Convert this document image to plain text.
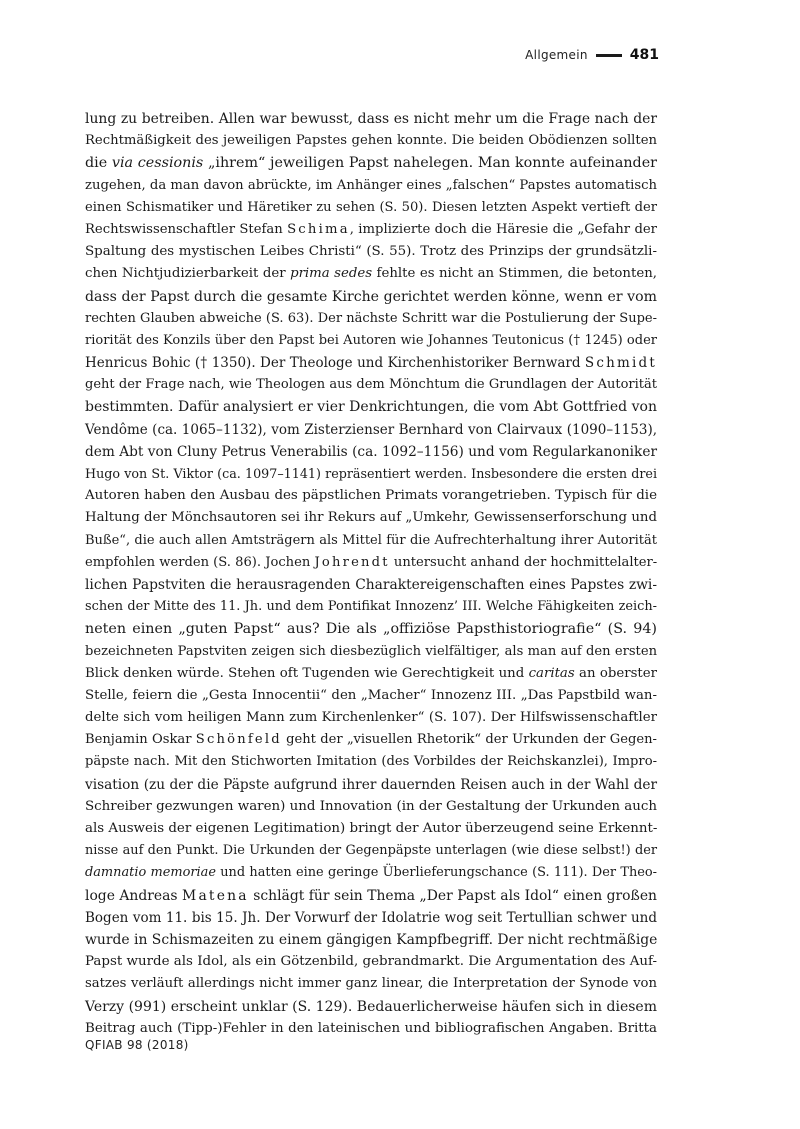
Allgemein	481
lung zu betreiben. Allen war bewusst, dass es nicht mehr um die Frage nach der
Rechtmäßigkeit des jeweiligen Papstes gehen konnte. Die beiden Obödienzen sollten
die via cessionis „ihrem“ jeweiligen Papst nahelegen. Man konnte aufeinander
zugehen, da man davon abrückte, im Anhänger eines „falschen“ Papstes automatisch
einen Schismatiker und Häretiker zu sehen (S. 50). Diesen letzten Aspekt vertieft der
Rechtswissenschaftler Stefan Schima, implizierte doch die Häresie die „Gefahr der
Spaltung des mystischen Leibes Christi“ (S. 55). Trotz des Prinzips der grundsätzli-
chen Nichtjudizierbarkeit der prima sedes fehlte es nicht an Stimmen, die betonten,
dass der Papst durch die gesamte Kirche gerichtet werden könne, wenn er vom
rechten Glauben abweiche (S. 63). Der nächste Schritt war die Postulierung der Supe-
riorität des Konzils über den Papst bei Autoren wie Johannes Teutonicus († 1245) oder
Henricus Bohic († 1350). Der Theologe und Kirchenhistoriker Bernward Schmidt
geht der Frage nach, wie Theologen aus dem Mönchtum die Grundlagen der Autorität
bestimmten. Dafür analysiert er vier Denkrichtungen, die vom Abt Gottfried von
Vendôme (ca. 1065–1132), vom Zisterzienser Bernhard von Clairvaux (1090–1153),
dem Abt von Cluny Petrus Venerabilis (ca. 1092–1156) und vom Regularkanoniker
Hugo von St. Viktor (ca. 1097–1141) repräsentiert werden. Insbesondere die ersten drei
Autoren haben den Ausbau des päpstlichen Primats vorangetrieben. Typisch für die
Haltung der Mönchsautoren sei ihr Rekurs auf „Umkehr, Gewissenserforschung und
Buße“, die auch allen Amtsträgern als Mittel für die Aufrechterhaltung ihrer Autorität
empfohlen werden (S. 86). Jochen Johrendt untersucht anhand der hochmittelalter-
lichen Papstviten die herausragenden Charaktereigenschaften eines Papstes zwi-
schen der Mitte des 11. Jh. und dem Pontifikat Innozenz’ III. Welche Fähigkeiten zeich-
neten einen „guten Papst“ aus? Die als „offiziöse Papsthistoriografie“ (S. 94)
bezeichneten Papstviten zeigen sich diesbezüglich vielfältiger, als man auf den ersten
Blick denken würde. Stehen oft Tugenden wie Gerechtigkeit und caritas an oberster
Stelle, feiern die „Gesta Innocentii“ den „Macher“ Innozenz III. „Das Papstbild wan-
delte sich vom heiligen Mann zum Kirchenlenker“ (S. 107). Der Hilfswissenschaftler
Benjamin Oskar Schönfeld geht der „visuellen Rhetorik“ der Urkunden der Gegen-
päpste nach. Mit den Stichworten Imitation (des Vorbildes der Reichskanzlei), Impro-
visation (zu der die Päpste aufgrund ihrer dauernden Reisen auch in der Wahl der
Schreiber gezwungen waren) und Innovation (in der Gestaltung der Urkunden auch
als Ausweis der eigenen Legitimation) bringt der Autor überzeugend seine Erkennt-
nisse auf den Punkt. Die Urkunden der Gegenpäpste unterlagen (wie diese selbst!) der
damnatio memoriae und hatten eine geringe Überlieferungschance (S. 111). Der Theo-
loge Andreas Matena schlägt für sein Thema „Der Papst als Idol“ einen großen
Bogen vom 11. bis 15. Jh. Der Vorwurf der Idolatrie wog seit Tertullian schwer und
wurde in Schismazeiten zu einem gängigen Kampfbegriff. Der nicht rechtmäßige
Papst wurde als Idol, als ein Götzenbild, gebrandmarkt. Die Argumentation des Auf-
satzes verläuft allerdings nicht immer ganz linear, die Interpretation der Synode von
Verzy (991) erscheint unklar (S. 129). Bedauerlicherweise häufen sich in diesem
Beitrag auch (Tipp-)Fehler in den lateinischen und bibliografischen Angaben. Britta
QFIAB 98 (2018)
